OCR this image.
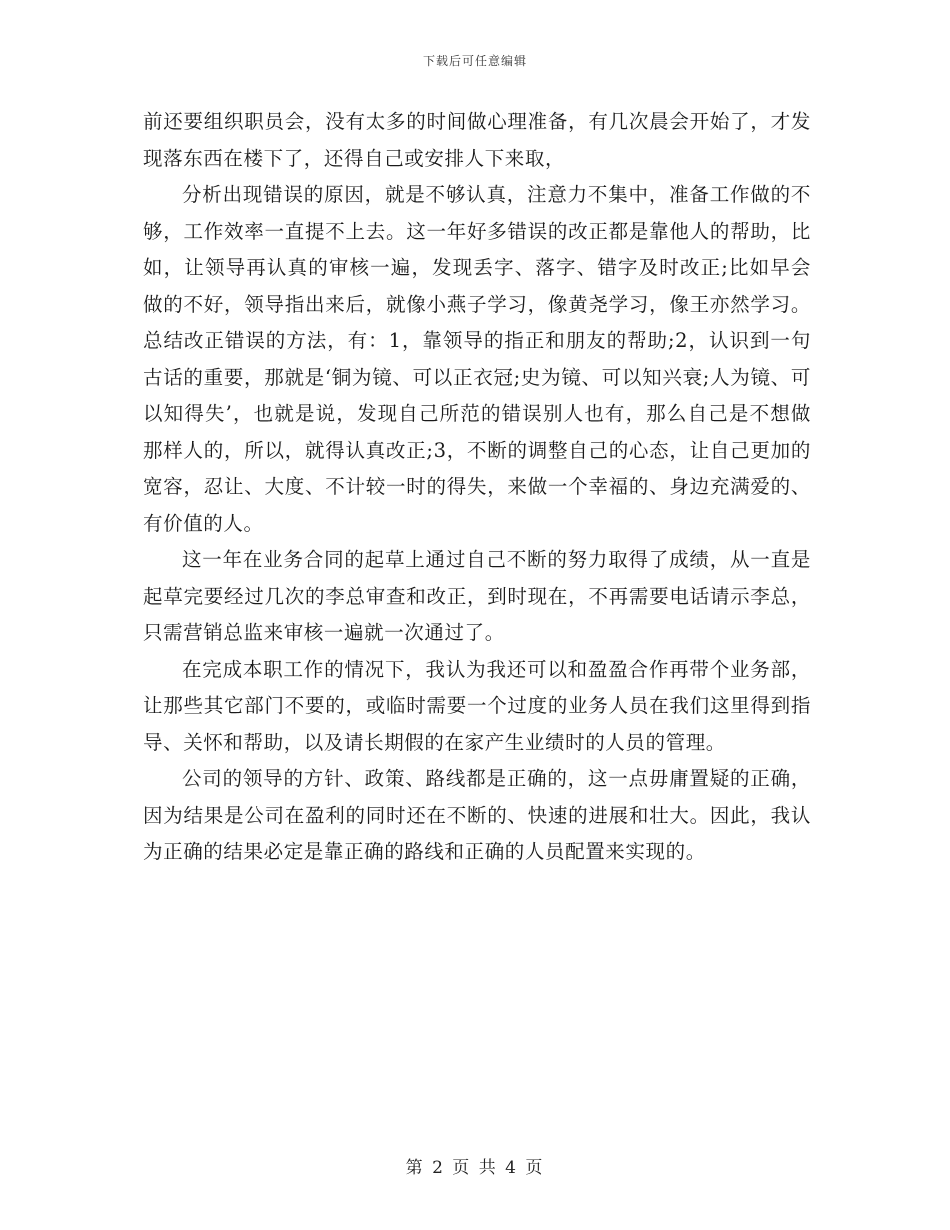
下载后可任意编辑

前还要组织职员会，没有太多的时间做心理准备，有几次晨会开始了，才发现落东西在楼下了，还得自己或安排人下来取，

分析出现错误的原因，就是不够认真，注意力不集中，准备工作做的不够，工作效率一直提不上去。这一年好多错误的改正都是靠他人的帮助，比如，让领导再认真的审核一遍，发现丢字、落字、错字及时改正;比如早会做的不好，领导指出来后，就像小燕子学习，像黄尧学习，像王亦然学习。总结改正错误的方法，有：1，靠领导的指正和朋友的帮助;2，认识到一句古话的重要，那就是‘铜为镜、可以正衣冠;史为镜、可以知兴衰;人为镜、可以知得失’，也就是说，发现自己所范的错误别人也有，那么自己是不想做那样人的，所以，就得认真改正;3，不断的调整自己的心态，让自己更加的宽容，忍让、大度、不计较一时的得失，来做一个幸福的、身边充满爱的、有价值的人。

这一年在业务合同的起草上通过自己不断的努力取得了成绩，从一直是起草完要经过几次的李总审查和改正，到时现在，不再需要电话请示李总，只需营销总监来审核一遍就一次通过了。

在完成本职工作的情况下，我认为我还可以和盈盈合作再带个业务部，让那些其它部门不要的，或临时需要一个过度的业务人员在我们这里得到指导、关怀和帮助，以及请长期假的在家产生业绩时的人员的管理。

公司的领导的方针、政策、路线都是正确的，这一点毋庸置疑的正确，因为结果是公司在盈利的同时还在不断的、快速的进展和壮大。因此，我认为正确的结果必定是靠正确的路线和正确的人员配置来实现的。

第 2 页 共 4 页
